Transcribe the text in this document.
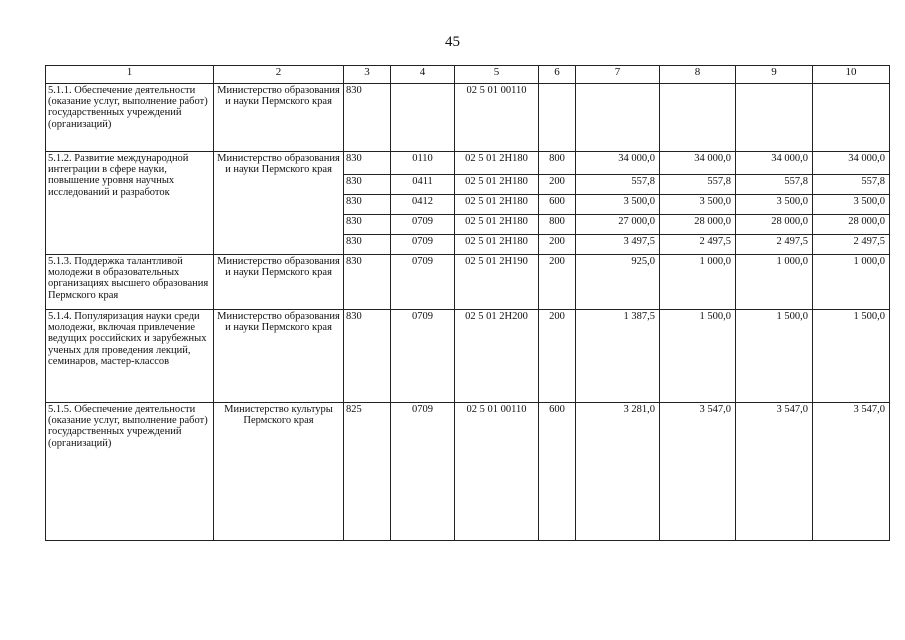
45
1	2	3	4	5	6	7	8	9	10
5.1.1. Обеспечение деятельности (оказание услуг, выполнение работ) государственных учреждений (организаций)	Министерство образования и науки Пермского края	830		02 5 01 00110					
5.1.2. Развитие международной интеграции в сфере науки, повышение уровня научных исследований и разработок	Министерство образования и науки Пермского края	830	0110	02 5 01 2Н180	800	34 000,0	34 000,0	34 000,0	34 000,0
		830	0411	02 5 01 2Н180	200	557,8	557,8	557,8	557,8
		830	0412	02 5 01 2Н180	600	3 500,0	3 500,0	3 500,0	3 500,0
		830	0709	02 5 01 2Н180	800	27 000,0	28 000,0	28 000,0	28 000,0
		830	0709	02 5 01 2Н180	200	3 497,5	2 497,5	2 497,5	2 497,5
5.1.3. Поддержка талантливой молодежи в образовательных организациях высшего образования Пермского края	Министерство образования и науки Пермского края	830	0709	02 5 01 2Н190	200	925,0	1 000,0	1 000,0	1 000,0
5.1.4. Популяризация науки среди молодежи, включая привлечение ведущих российских и зарубежных ученых для проведения лекций, семинаров, мастер-классов	Министерство образования и науки Пермского края	830	0709	02 5 01 2Н200	200	1 387,5	1 500,0	1 500,0	1 500,0
5.1.5. Обеспечение деятельности (оказание услуг, выполнение работ) государственных учреждений (организаций)	Министерство культуры Пермского края	825	0709	02 5 01 00110	600	3 281,0	3 547,0	3 547,0	3 547,0
